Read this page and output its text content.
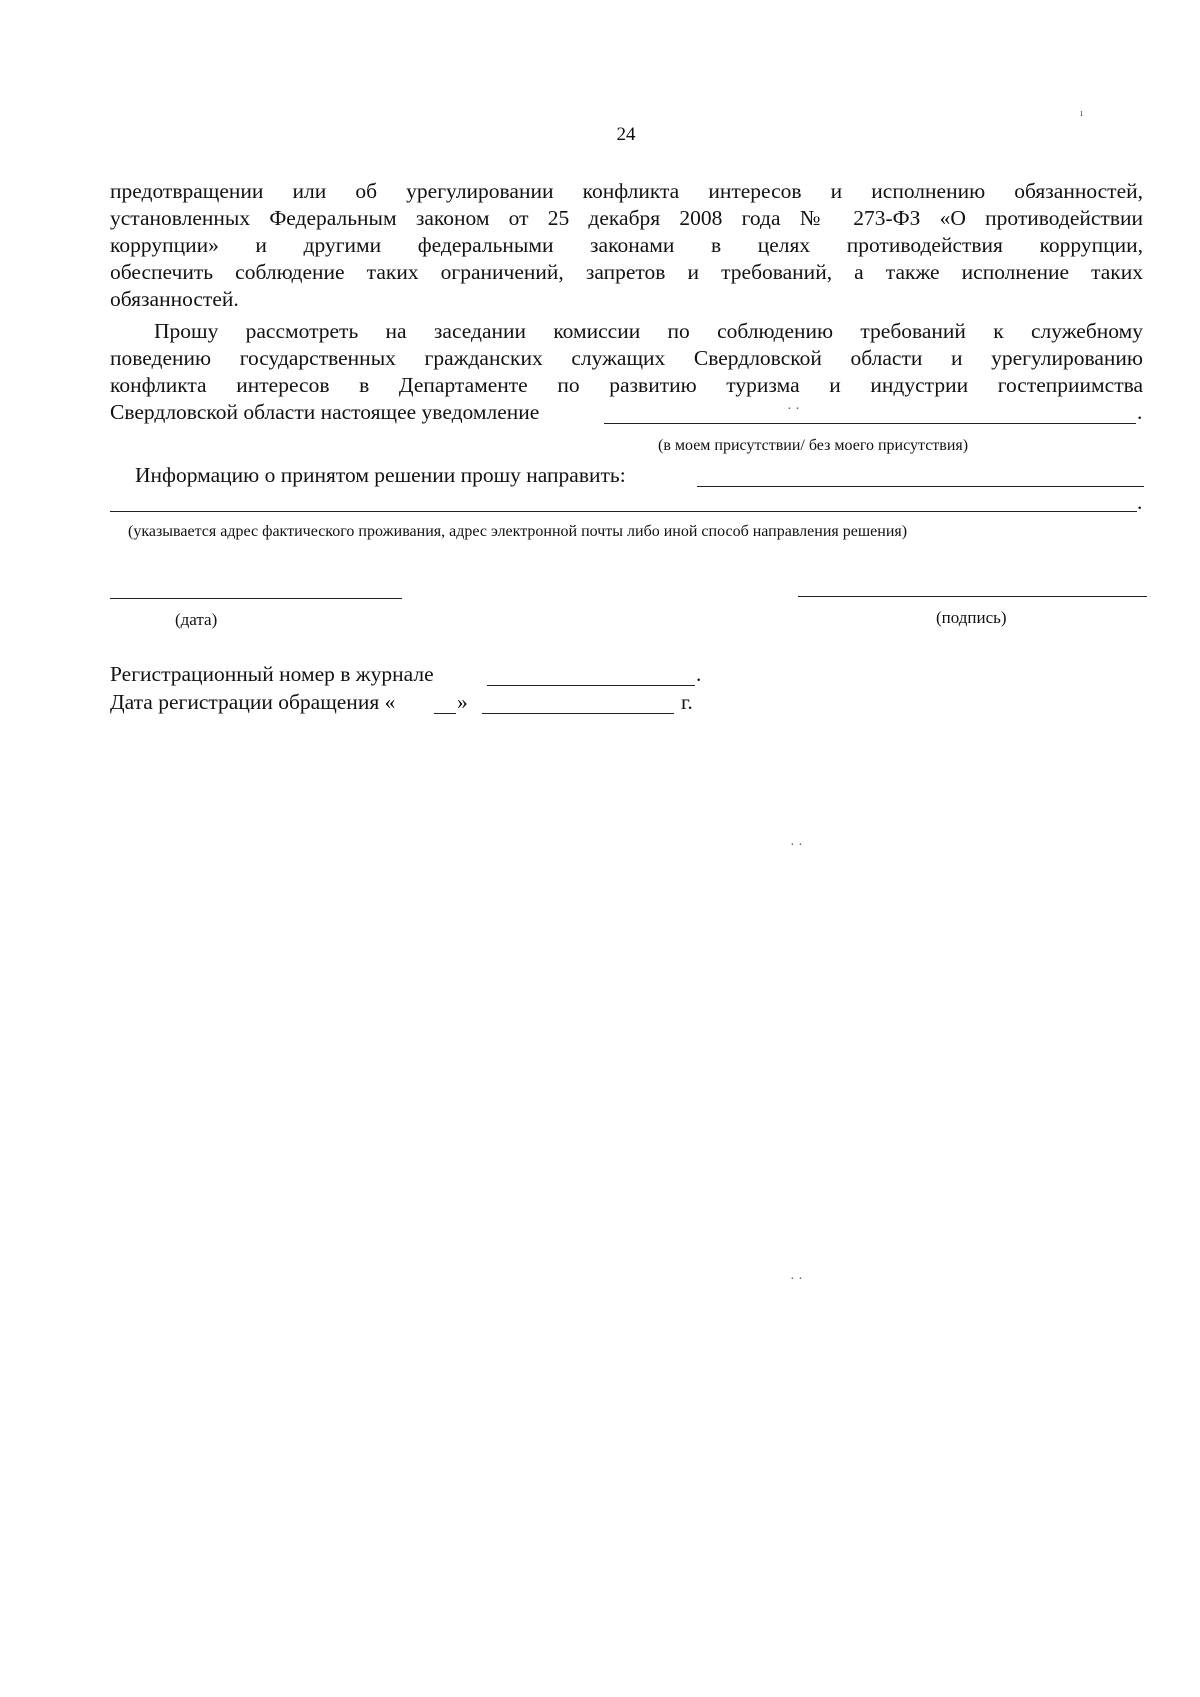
24
предотвращении или об урегулировании конфликта интересов и исполнению обязанностей,
установленных Федеральным законом от 25 декабря 2008 года № 273-ФЗ «О противодействии
коррупции» и другими федеральными законами в целях противодействия коррупции,
обеспечить соблюдение таких ограничений, запретов и требований, а также исполнение таких
обязанностей.
Прошу рассмотреть на заседании комиссии по соблюдению требований к служебному
поведению государственных гражданских служащих Свердловской области и урегулированию
конфликта интересов в Департаменте по развитию туризма и индустрии гостеприимства
Свердловской области настоящее уведомление	.
(в моем присутствии/ без моего присутствия)
Информацию о принятом решении прошу направить:
.
(указывается адрес фактического проживания, адрес электронной почты либо иной способ направления решения)
(дата)	(подпись)
Регистрационный номер в журнале	.
Дата регистрации обращения «	»	г.
· ·
· ·
· ·
ı
